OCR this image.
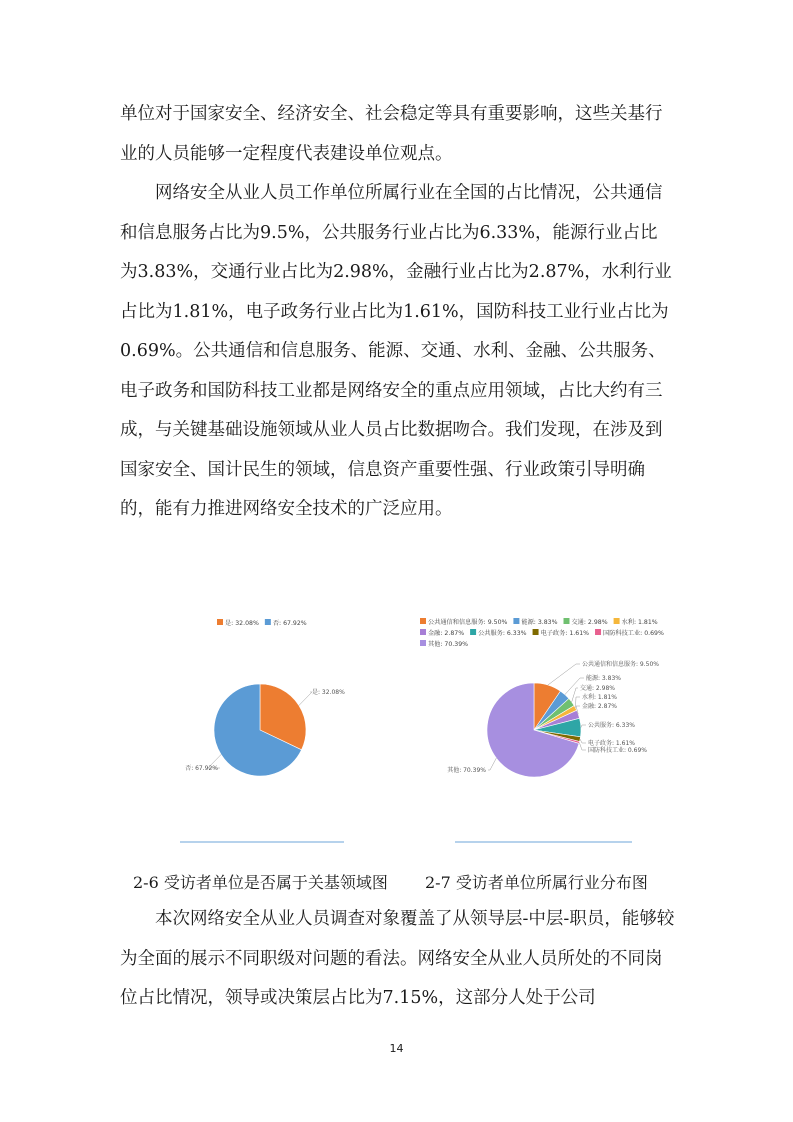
单位对于国家安全、经济安全、社会稳定等具有重要影响，这些关基行业的人员能够一定程度代表建设单位观点。

网络安全从业人员工作单位所属行业在全国的占比情况，公共通信和信息服务占比为9.5%，公共服务行业占比为6.33%，能源行业占比为3.83%，交通行业占比为2.98%，金融行业占比为2.87%，水利行业占比为1.81%，电子政务行业占比为1.61%，国防科技工业行业占比为0.69%。公共通信和信息服务、能源、交通、水利、金融、公共服务、电子政务和国防科技工业都是网络安全的重点应用领域，占比大约有三成，与关键基础设施领域从业人员占比数据吻合。我们发现，在涉及到国家安全、国计民生的领域，信息资产重要性强、行业政策引导明确的，能有力推进网络安全技术的广泛应用。

是: 32.08% 否: 67.92%
是: 32.08%
否: 67.92%
公共通信和信息服务: 9.50% 能源: 3.83% 交通: 2.98% 水利: 1.81%
金融: 2.87% 公共服务: 6.33% 电子政务: 1.61% 国防科技工业: 0.69%
其他: 70.39%
公共通信和信息服务: 9.50%
能源: 3.83%
交通: 2.98%
水利: 1.81%
金融: 2.87%
公共服务: 6.33%
电子政务: 1.61%
国防科技工业: 0.69%
其他: 70.39%
2-6 受访者单位是否属于关基领域图 2-7 受访者单位所属行业分布图

本次网络安全从业人员调查对象覆盖了从领导层-中层-职员，能够较为全面的展示不同职级对问题的看法。网络安全从业人员所处的不同岗位占比情况，领导或决策层占比为7.15%，这部分人处于公司

14
